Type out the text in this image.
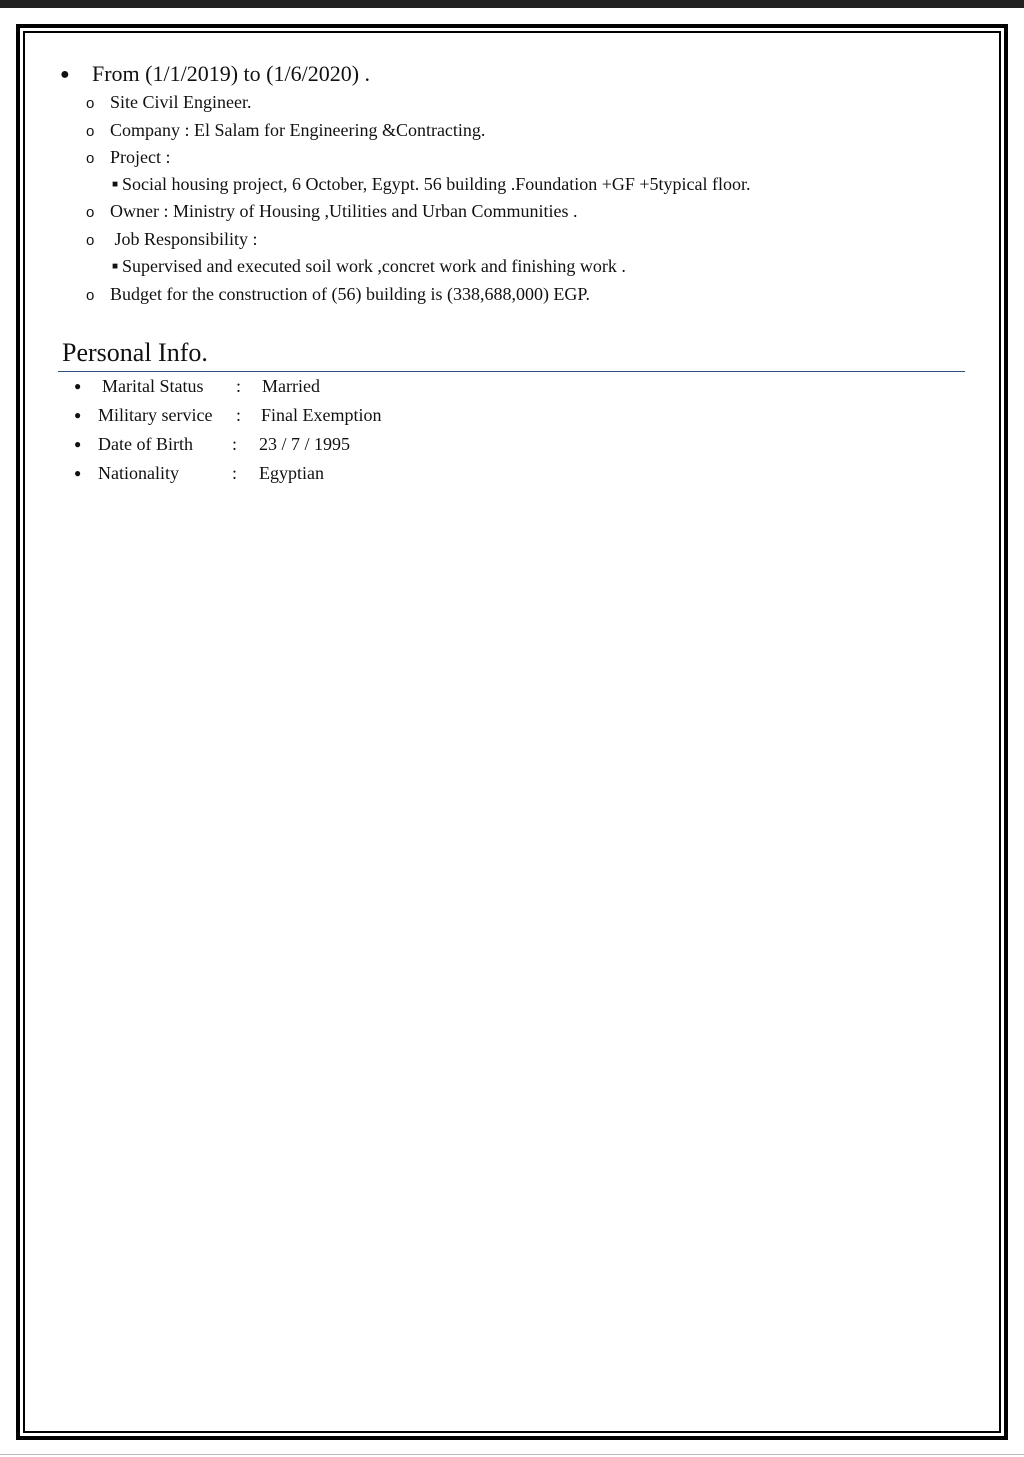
● From (1/1/2019) to (1/6/2020) .
o Site Civil Engineer.
o Company : El Salam for Engineering &Contracting.
o Project :
■ Social housing project, 6 October, Egypt. 56 building .Foundation +GF +5typical floor.
o Owner : Ministry of Housing ,Utilities and Urban Communities .
o Job Responsibility :
■ Supervised and executed soil work ,concret work and finishing work .
o Budget for the construction of (56) building is (338,688,000) EGP.
Personal Info.
● Marital Status : Married
● Military service : Final Exemption
● Date of Birth : 23 / 7 / 1995
● Nationality	: Egyptian
